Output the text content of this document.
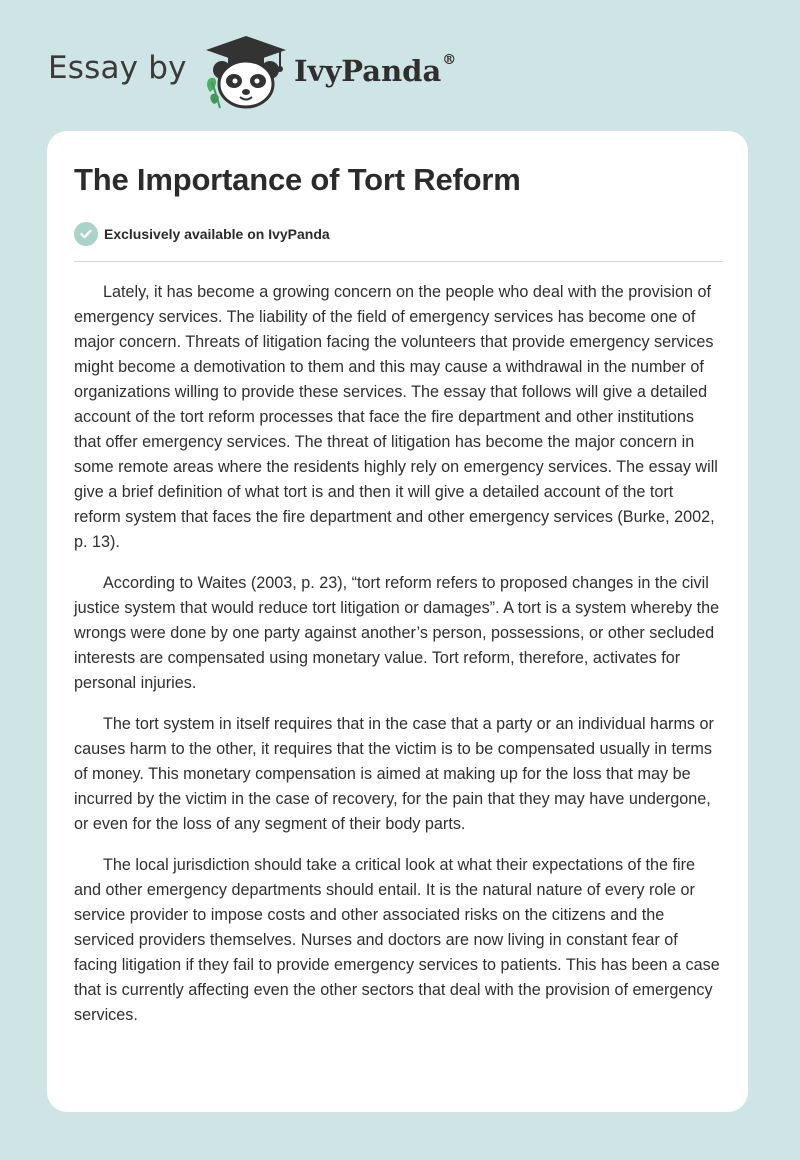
Essay by	IvyPanda®
The Importance of Tort Reform
Exclusively available on IvyPanda

Lately, it has become a growing concern on the people who deal with the provision of emergency services. The liability of the field of emergency services has become one of major concern. Threats of litigation facing the volunteers that provide emergency services might become a demotivation to them and this may cause a withdrawal in the number of organizations willing to provide these services. The essay that follows will give a detailed account of the tort reform processes that face the fire department and other institutions that offer emergency services. The threat of litigation has become the major concern in some remote areas where the residents highly rely on emergency services. The essay will give a brief definition of what tort is and then it will give a detailed account of the tort reform system that faces the fire department and other emergency services (Burke, 2002, p. 13).

According to Waites (2003, p. 23), “tort reform refers to proposed changes in the civil justice system that would reduce tort litigation or damages”. A tort is a system whereby the wrongs were done by one party against another’s person, possessions, or other secluded interests are compensated using monetary value. Tort reform, therefore, activates for personal injuries.

The tort system in itself requires that in the case that a party or an individual harms or causes harm to the other, it requires that the victim is to be compensated usually in terms of money. This monetary compensation is aimed at making up for the loss that may be incurred by the victim in the case of recovery, for the pain that they may have undergone, or even for the loss of any segment of their body parts.

The local jurisdiction should take a critical look at what their expectations of the fire and other emergency departments should entail. It is the natural nature of every role or service provider to impose costs and other associated risks on the citizens and the serviced providers themselves. Nurses and doctors are now living in constant fear of facing litigation if they fail to provide emergency services to patients. This has been a case that is currently affecting even the other sectors that deal with the provision of emergency services.
